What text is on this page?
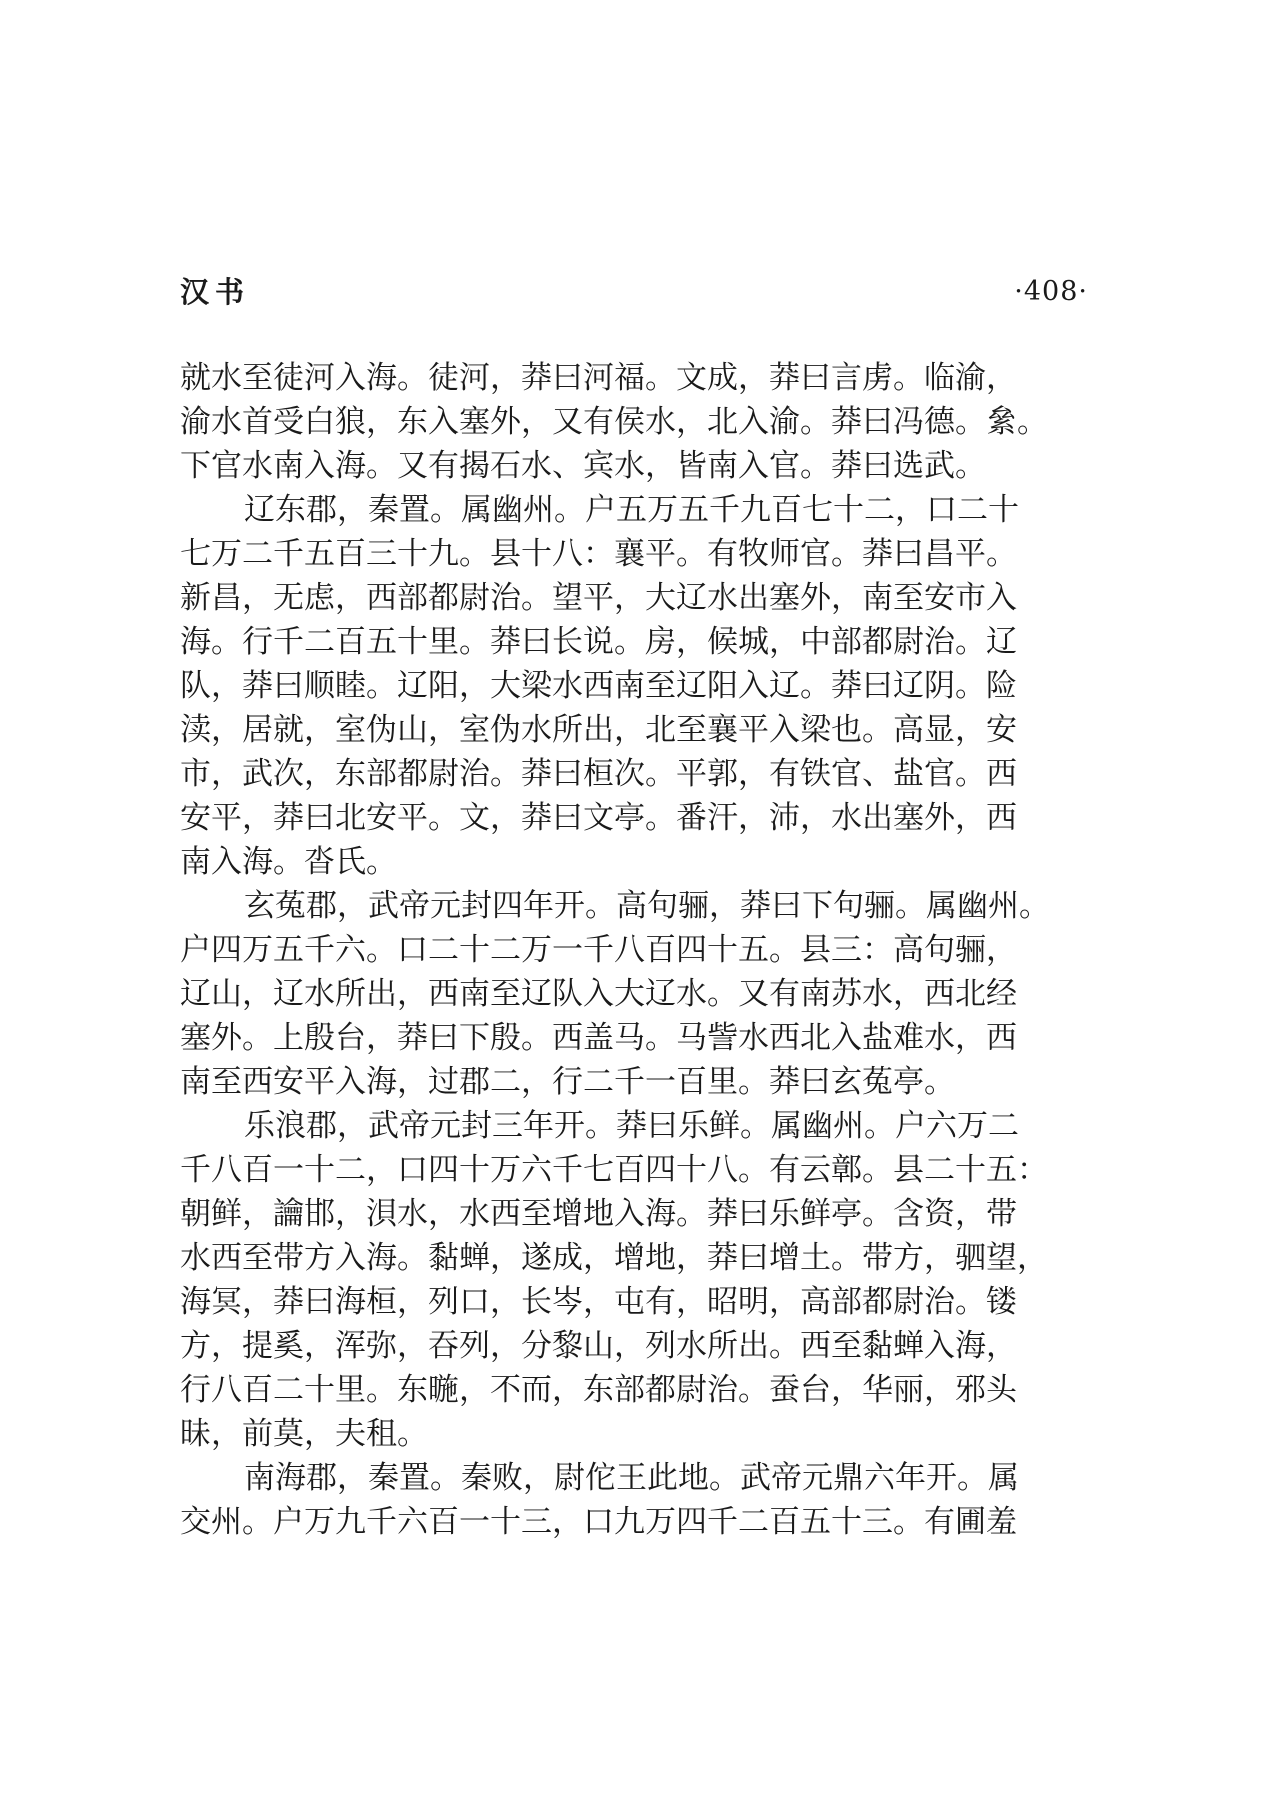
汉书	·408·
就水至徒河入海。徒河，莽曰河福。文成，莽曰言虏。临渝，
渝水首受白狼，东入塞外，又有侯水，北入渝。莽曰冯德。絫。
下官水南入海。又有揭石水、宾水，皆南入官。莽曰选武。
辽东郡，秦置。属幽州。户五万五千九百七十二，口二十
七万二千五百三十九。县十八：襄平。有牧师官。莽曰昌平。
新昌，无虑，西部都尉治。望平，大辽水出塞外，南至安市入
海。行千二百五十里。莽曰长说。房，候城，中部都尉治。辽
队，莽曰顺睦。辽阳，大梁水西南至辽阳入辽。莽曰辽阴。险
渎，居就，室伪山，室伪水所出，北至襄平入梁也。高显，安
市，武次，东部都尉治。莽曰桓次。平郭，有铁官、盐官。西
安平，莽曰北安平。文，莽曰文亭。番汗，沛，水出塞外，西
南入海。沓氏。
玄菟郡，武帝元封四年开。高句骊，莽曰下句骊。属幽州。
户四万五千六。口二十二万一千八百四十五。县三：高句骊，
辽山，辽水所出，西南至辽队入大辽水。又有南苏水，西北经
塞外。上殷台，莽曰下殷。西盖马。马訾水西北入盐难水，西
南至西安平入海，过郡二，行二千一百里。莽曰玄菟亭。
乐浪郡，武帝元封三年开。莽曰乐鲜。属幽州。户六万二
千八百一十二，口四十万六千七百四十八。有云鄣。县二十五：
朝鲜，讑邯，浿水，水西至增地入海。莽曰乐鲜亭。含资，带
水西至带方入海。黏蝉，遂成，增地，莽曰增土。带方，驷望，
海冥，莽曰海桓，列口，长岑，屯有，昭明，高部都尉治。镂
方，提奚，浑弥，吞列，分黎山，列水所出。西至黏蝉入海，
行八百二十里。东暆，不而，东部都尉治。蚕台，华丽，邪头
昧，前莫，夫租。
南海郡，秦置。秦败，尉佗王此地。武帝元鼎六年开。属
交州。户万九千六百一十三，口九万四千二百五十三。有圃羞
